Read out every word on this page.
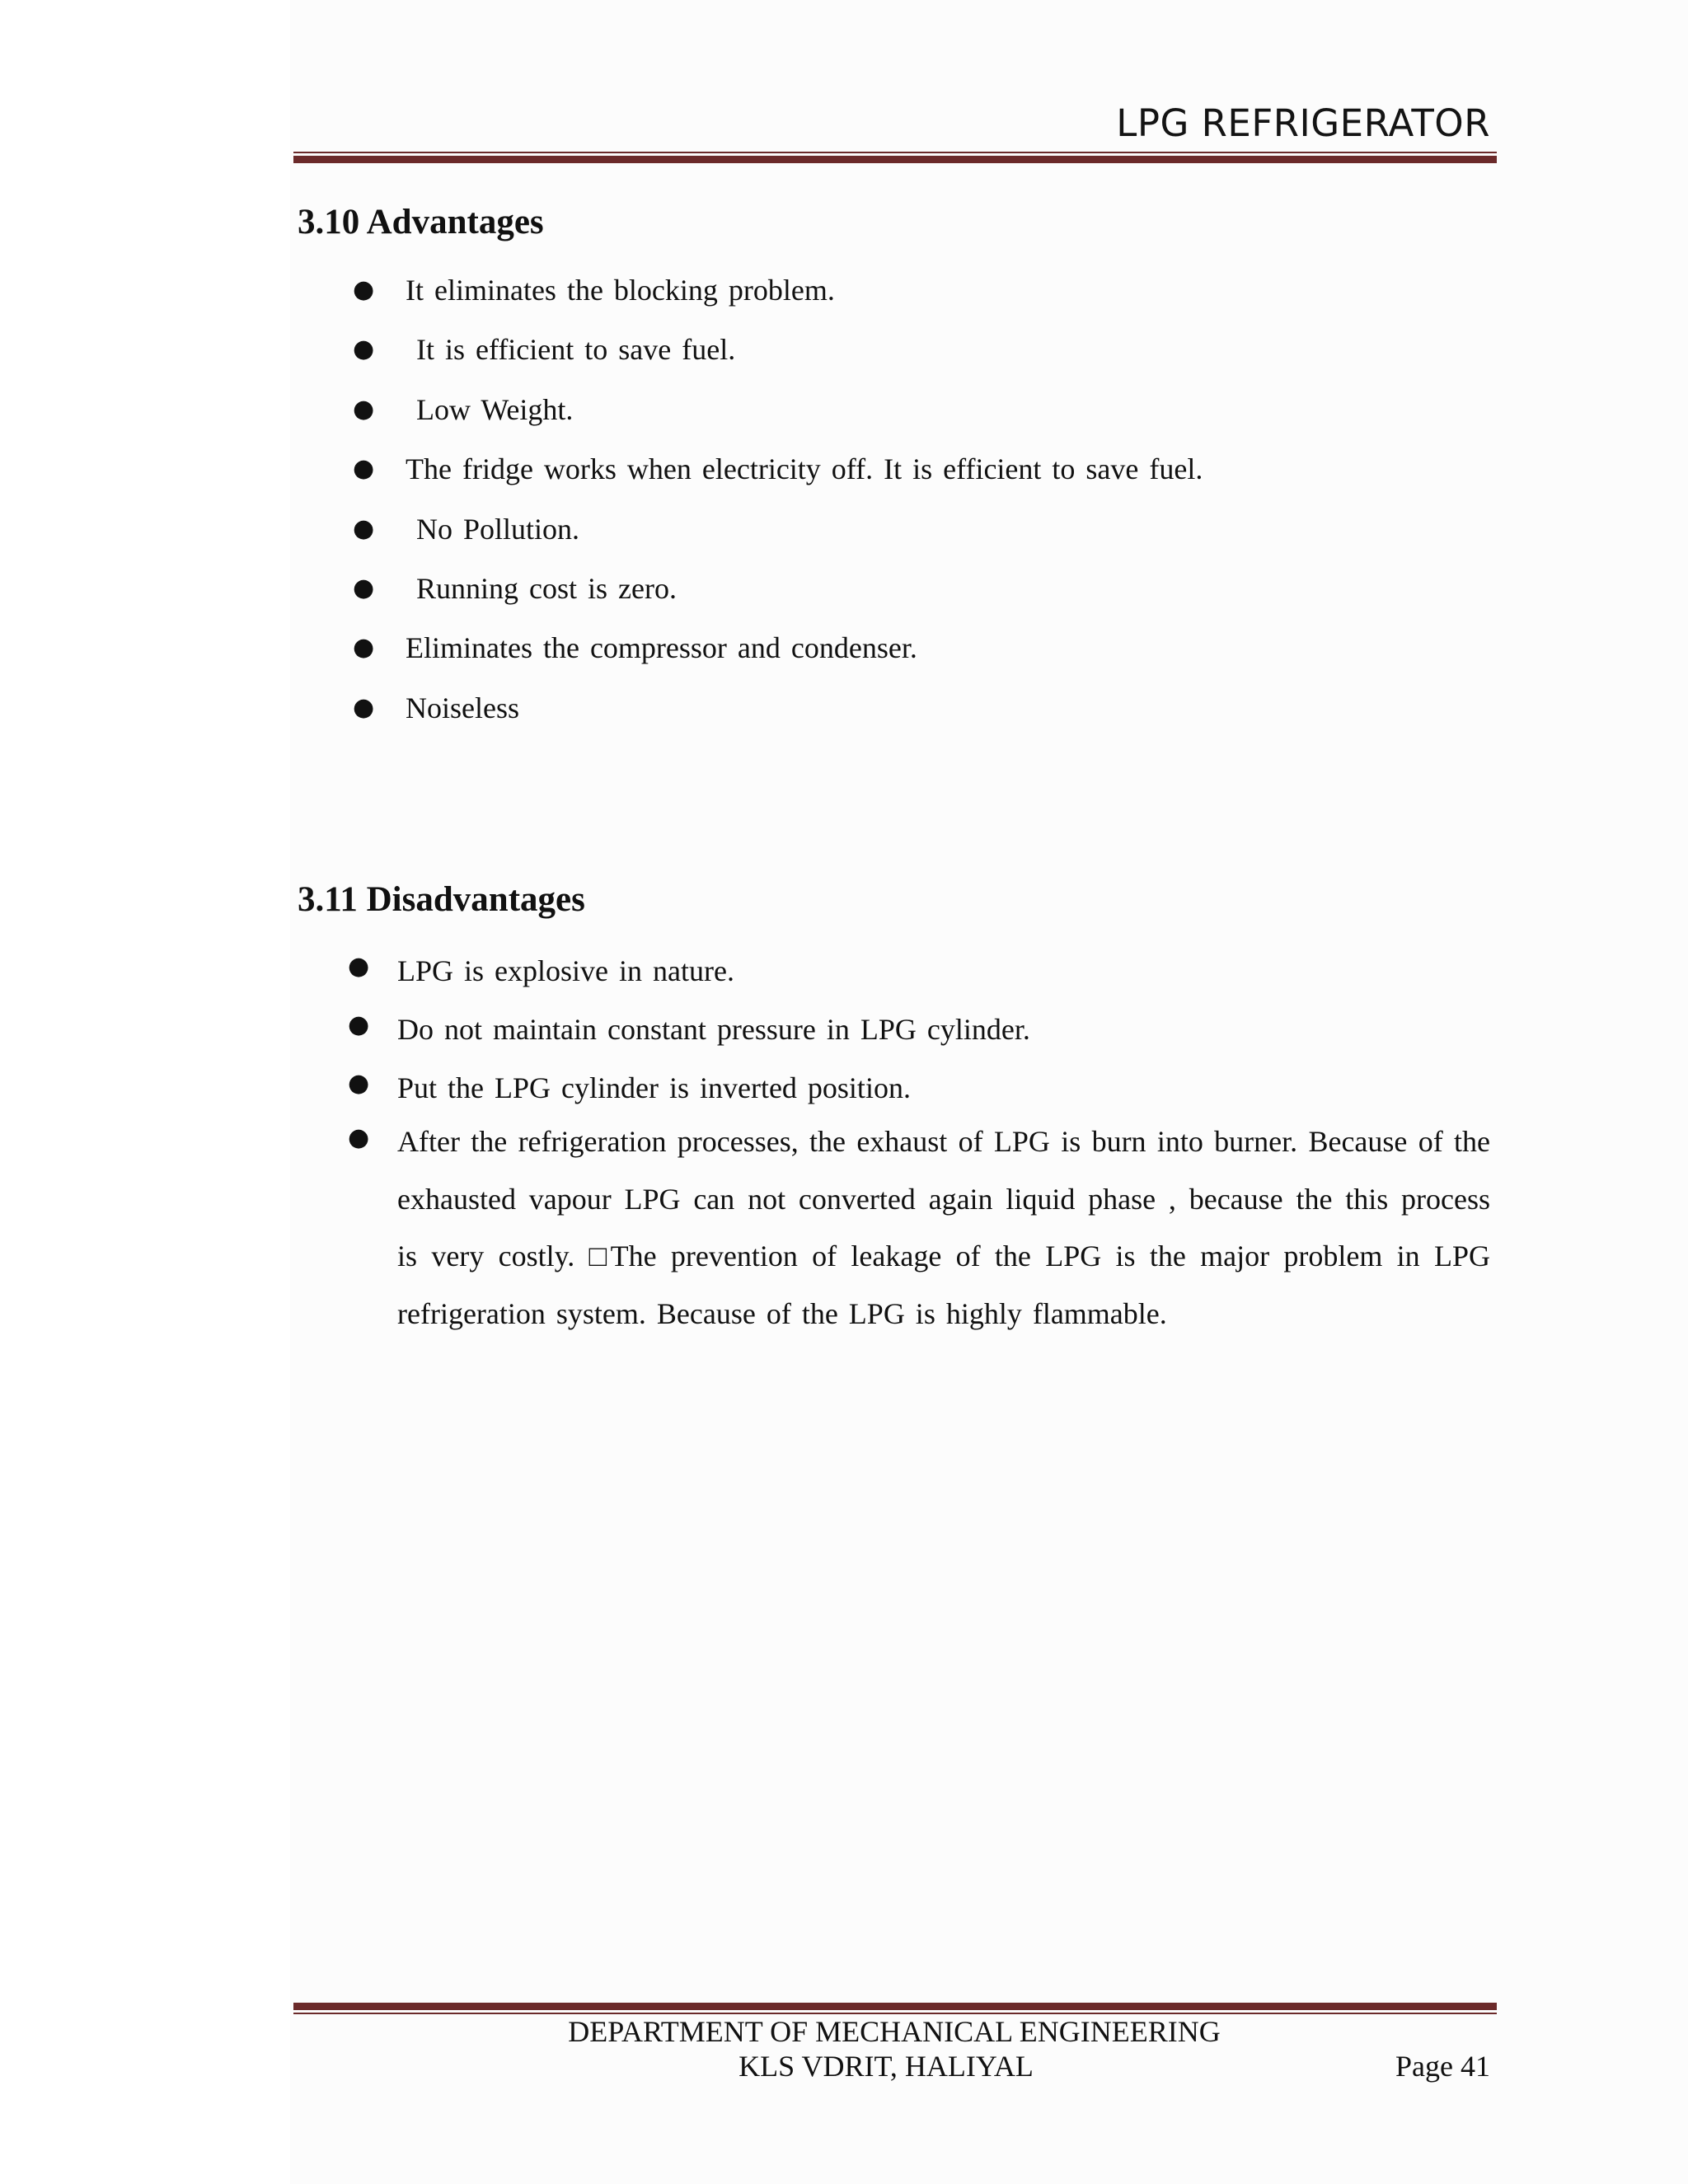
LPG REFRIGERATOR
3.10 Advantages
●	It eliminates the blocking problem.
●	It is efficient to save fuel.
●	Low Weight.
●	The fridge works when electricity off. It is efficient to save fuel.
●	No Pollution.
●	Running cost is zero.
●	Eliminates the compressor and condenser.
●	Noiseless
3.11 Disadvantages
● LPG is explosive in nature.
● Do not maintain constant pressure in LPG cylinder.
● Put the LPG cylinder is inverted position.
● After the refrigeration processes, the exhaust of LPG is burn into burner. Because of the exhausted vapour LPG can not converted again liquid phase , because the this process is very costly. □The prevention of leakage of the LPG is the major problem in LPG refrigeration system. Because of the LPG is highly flammable.
DEPARTMENT OF MECHANICAL ENGINEERING
KLS VDRIT, HALIYAL	Page 41
